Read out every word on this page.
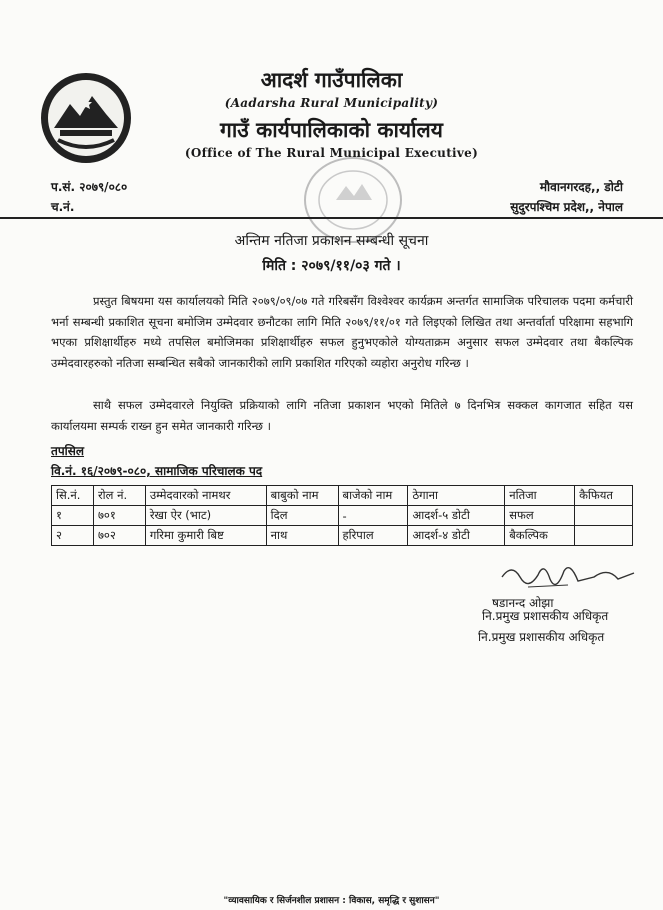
आदर्श गाउँपालिका
(Aadarsha Rural Municipality)
गाउँ कार्यपालिकाको कार्यालय
(Office of The Rural Municipal Executive)
प.सं. २०७९/०८०
च.नं.
मौवानगरदह,, डोटी
सुदुरपश्चिम प्रदेश,, नेपाल
अन्तिम नतिजा प्रकाशन सम्बन्धी सूचना
मिति : २०७९/११/०३ गते ।
प्रस्तुत बिषयमा यस कार्यालयको मिति २०७९/०९/०७ गते गरिबसँग विश्वेश्वर कार्यक्रम अन्तर्गत सामाजिक परिचालक पदमा कर्मचारी भर्ना सम्बन्धी प्रकाशित सूचना बमोजिम उम्मेदवार छनौटका लागि मिति २०७९/११/०१ गते लिइएको लिखित तथा अन्तर्वार्ता परिक्षामा सहभागि भएका प्रशिक्षार्थीहरु मध्ये तपसिल बमोजिमका प्रशिक्षार्थीहरु सफल हुनुभएकोले योग्यताक्रम अनुसार सफल उम्मेदवार तथा बैकल्पिक उम्मेदवारहरुको नतिजा सम्बन्धित सबैको जानकारीको लागि प्रकाशित गरिएको व्यहोरा अनुरोध गरिन्छ ।
साथै सफल उम्मेदवारले नियुक्ति प्रक्रियाको लागि नतिजा प्रकाशन भएको मितिले ७ दिनभित्र सक्कल कागजात सहित यस कार्यालयमा सम्पर्क राख्न हुन समेत जानकारी गरिन्छ ।
तपसिल
वि.नं. १६/२०७९-०८०, सामाजिक परिचालक पद
सि.नं.	रोल नं.	उम्मेदवारको नामथर	बाबुको नाम	बाजेको नाम	ठेगाना	नतिजा	कैफियत
१	७०१	रेखा ऐर (भाट)	दिल	-	आदर्श-५ डोटी	सफल	
२	७०२	गरिमा कुमारी बिष्ट	नाथ	हरिपाल	आदर्श-४ डोटी	बैकल्पिक	
षडानन्द ओझा
नि.प्रमुख प्रशासकीय अधिकृत
नि.प्रमुख प्रशासकीय अधिकृत
"व्यावसायिक र सिर्जनशील प्रशासन : विकास, समृद्धि र सुशासन"
